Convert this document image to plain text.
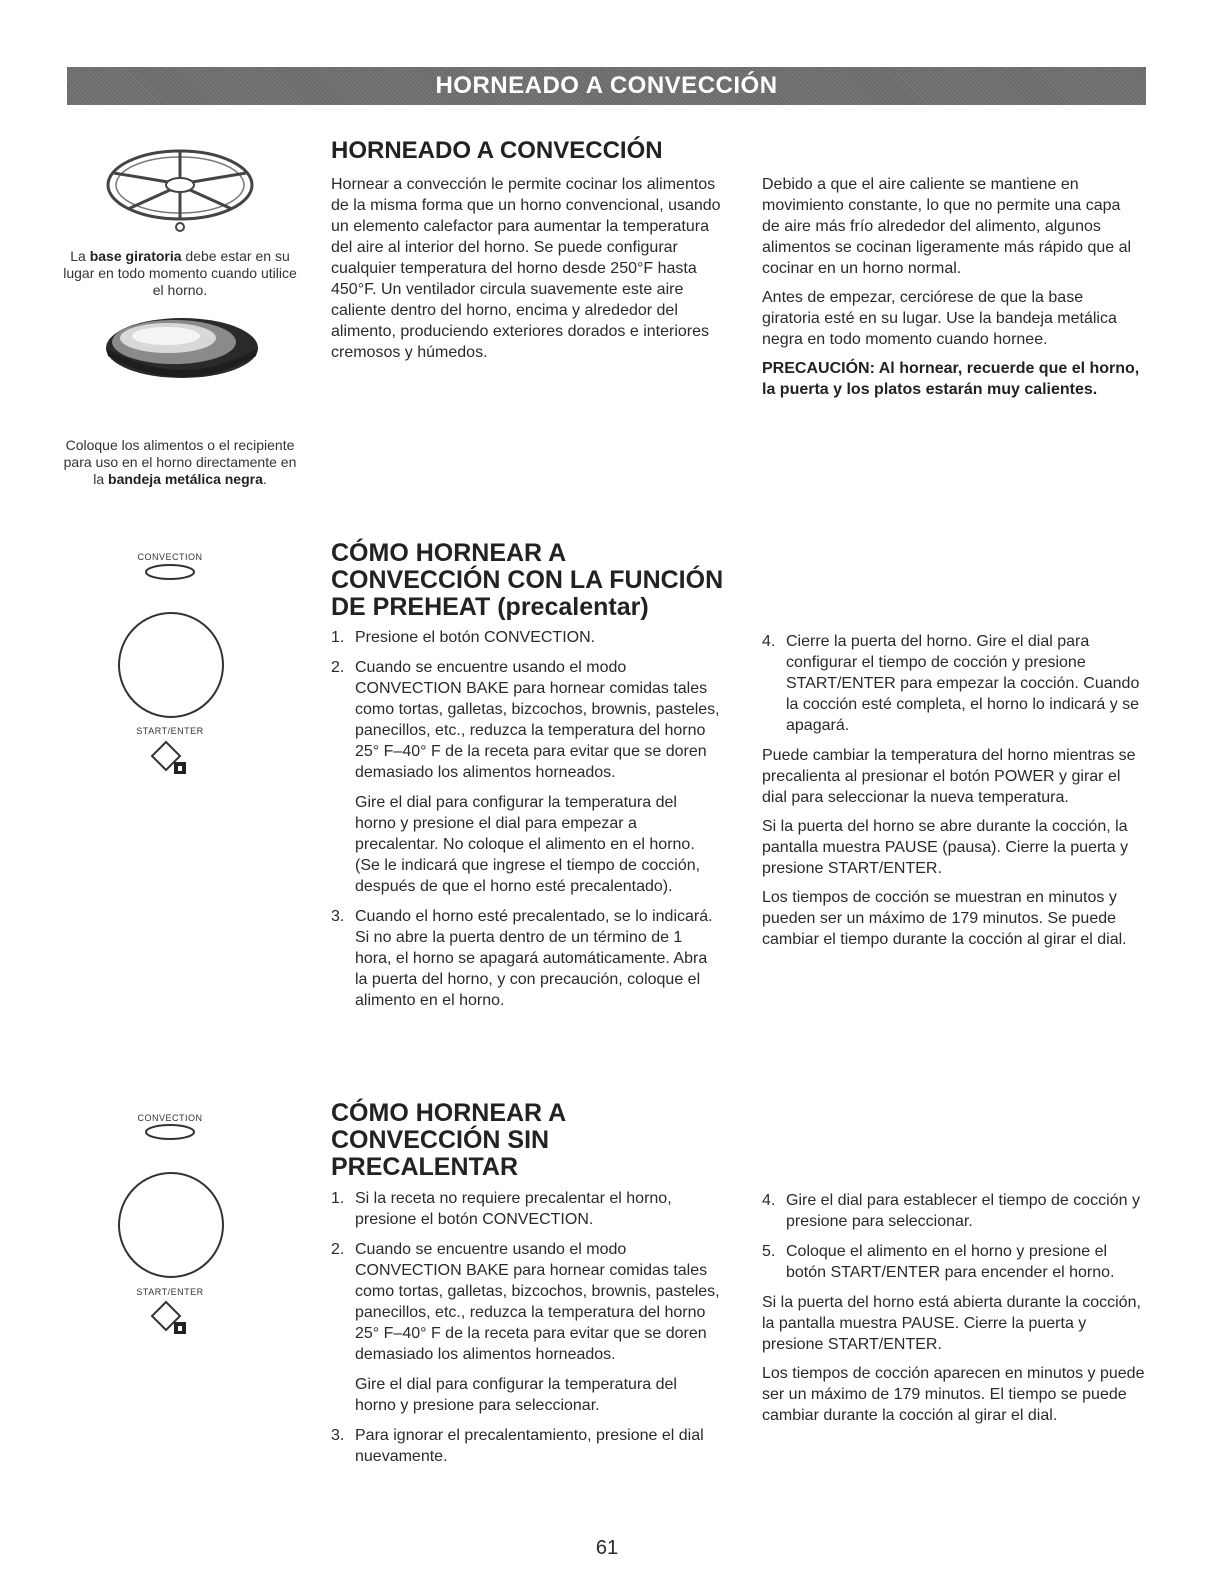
HORNEADO A CONVECCIÓN
La base giratoria debe estar en su lugar en todo momento cuando utilice el horno.
Coloque los alimentos o el recipiente para uso en el horno directamente en la bandeja metálica negra.
CONVECTION
START/ENTER
CONVECTION
START/ENTER
HORNEADO A CONVECCIÓN

Hornear a convección le permite cocinar los alimentos de la misma forma que un horno convencional, usando un elemento calefactor para aumentar la temperatura del aire al interior del horno. Se puede configurar cualquier temperatura del horno desde 250°F hasta 450°F. Un ventilador circula suavemente este aire caliente dentro del horno, encima y alrededor del alimento, produciendo exteriores dorados e interiores cremosos y húmedos.

Debido a que el aire caliente se mantiene en movimiento constante, lo que no permite una capa de aire más frío alrededor del alimento, algunos alimentos se cocinan ligeramente más rápido que al cocinar en un horno normal.

Antes de empezar, cerciórese de que la base giratoria esté en su lugar. Use la bandeja metálica negra en todo momento cuando hornee.

PRECAUCIÓN: Al hornear, recuerde que el horno, la puerta y los platos estarán muy calientes.

CÓMO HORNEAR A
CONVECCIÓN CON LA FUNCIÓN
DE PREHEAT (precalentar)
1. Presione el botón CONVECTION.
2. Cuando se encuentre usando el modo CONVECTION BAKE para hornear comidas tales como tortas, galletas, bizcochos, brownis, pasteles, panecillos, etc., reduzca la temperatura del horno 25° F–40° F de la receta para evitar que se doren demasiado los alimentos horneados.
Gire el dial para configurar la temperatura del horno y presione el dial para empezar a precalentar. No coloque el alimento en el horno. (Se le indicará que ingrese el tiempo de cocción, después de que el horno esté precalentado).
3. Cuando el horno esté precalentado, se lo indicará. Si no abre la puerta dentro de un término de 1 hora, el horno se apagará automáticamente. Abra la puerta del horno, y con precaución, coloque el alimento en el horno.
4. Cierre la puerta del horno. Gire el dial para configurar el tiempo de cocción y presione START/ENTER para empezar la cocción. Cuando la cocción esté completa, el horno lo indicará y se apagará.

Puede cambiar la temperatura del horno mientras se precalienta al presionar el botón POWER y girar el dial para seleccionar la nueva temperatura.

Si la puerta del horno se abre durante la cocción, la pantalla muestra PAUSE (pausa). Cierre la puerta y presione START/ENTER.

Los tiempos de cocción se muestran en minutos y pueden ser un máximo de 179 minutos. Se puede cambiar el tiempo durante la cocción al girar el dial.

CÓMO HORNEAR A
CONVECCIÓN SIN
PRECALENTAR
1. Si la receta no requiere precalentar el horno, presione el botón CONVECTION.
2. Cuando se encuentre usando el modo CONVECTION BAKE para hornear comidas tales como tortas, galletas, bizcochos, brownis, pasteles, panecillos, etc., reduzca la temperatura del horno 25° F–40° F de la receta para evitar que se doren demasiado los alimentos horneados.
Gire el dial para configurar la temperatura del horno y presione para seleccionar.
3. Para ignorar el precalentamiento, presione el dial nuevamente.
4. Gire el dial para establecer el tiempo de cocción y presione para seleccionar.
5. Coloque el alimento en el horno y presione el botón START/ENTER para encender el horno.

Si la puerta del horno está abierta durante la cocción, la pantalla muestra PAUSE. Cierre la puerta y presione START/ENTER.

Los tiempos de cocción aparecen en minutos y puede ser un máximo de 179 minutos. El tiempo se puede cambiar durante la cocción al girar el dial.

61
